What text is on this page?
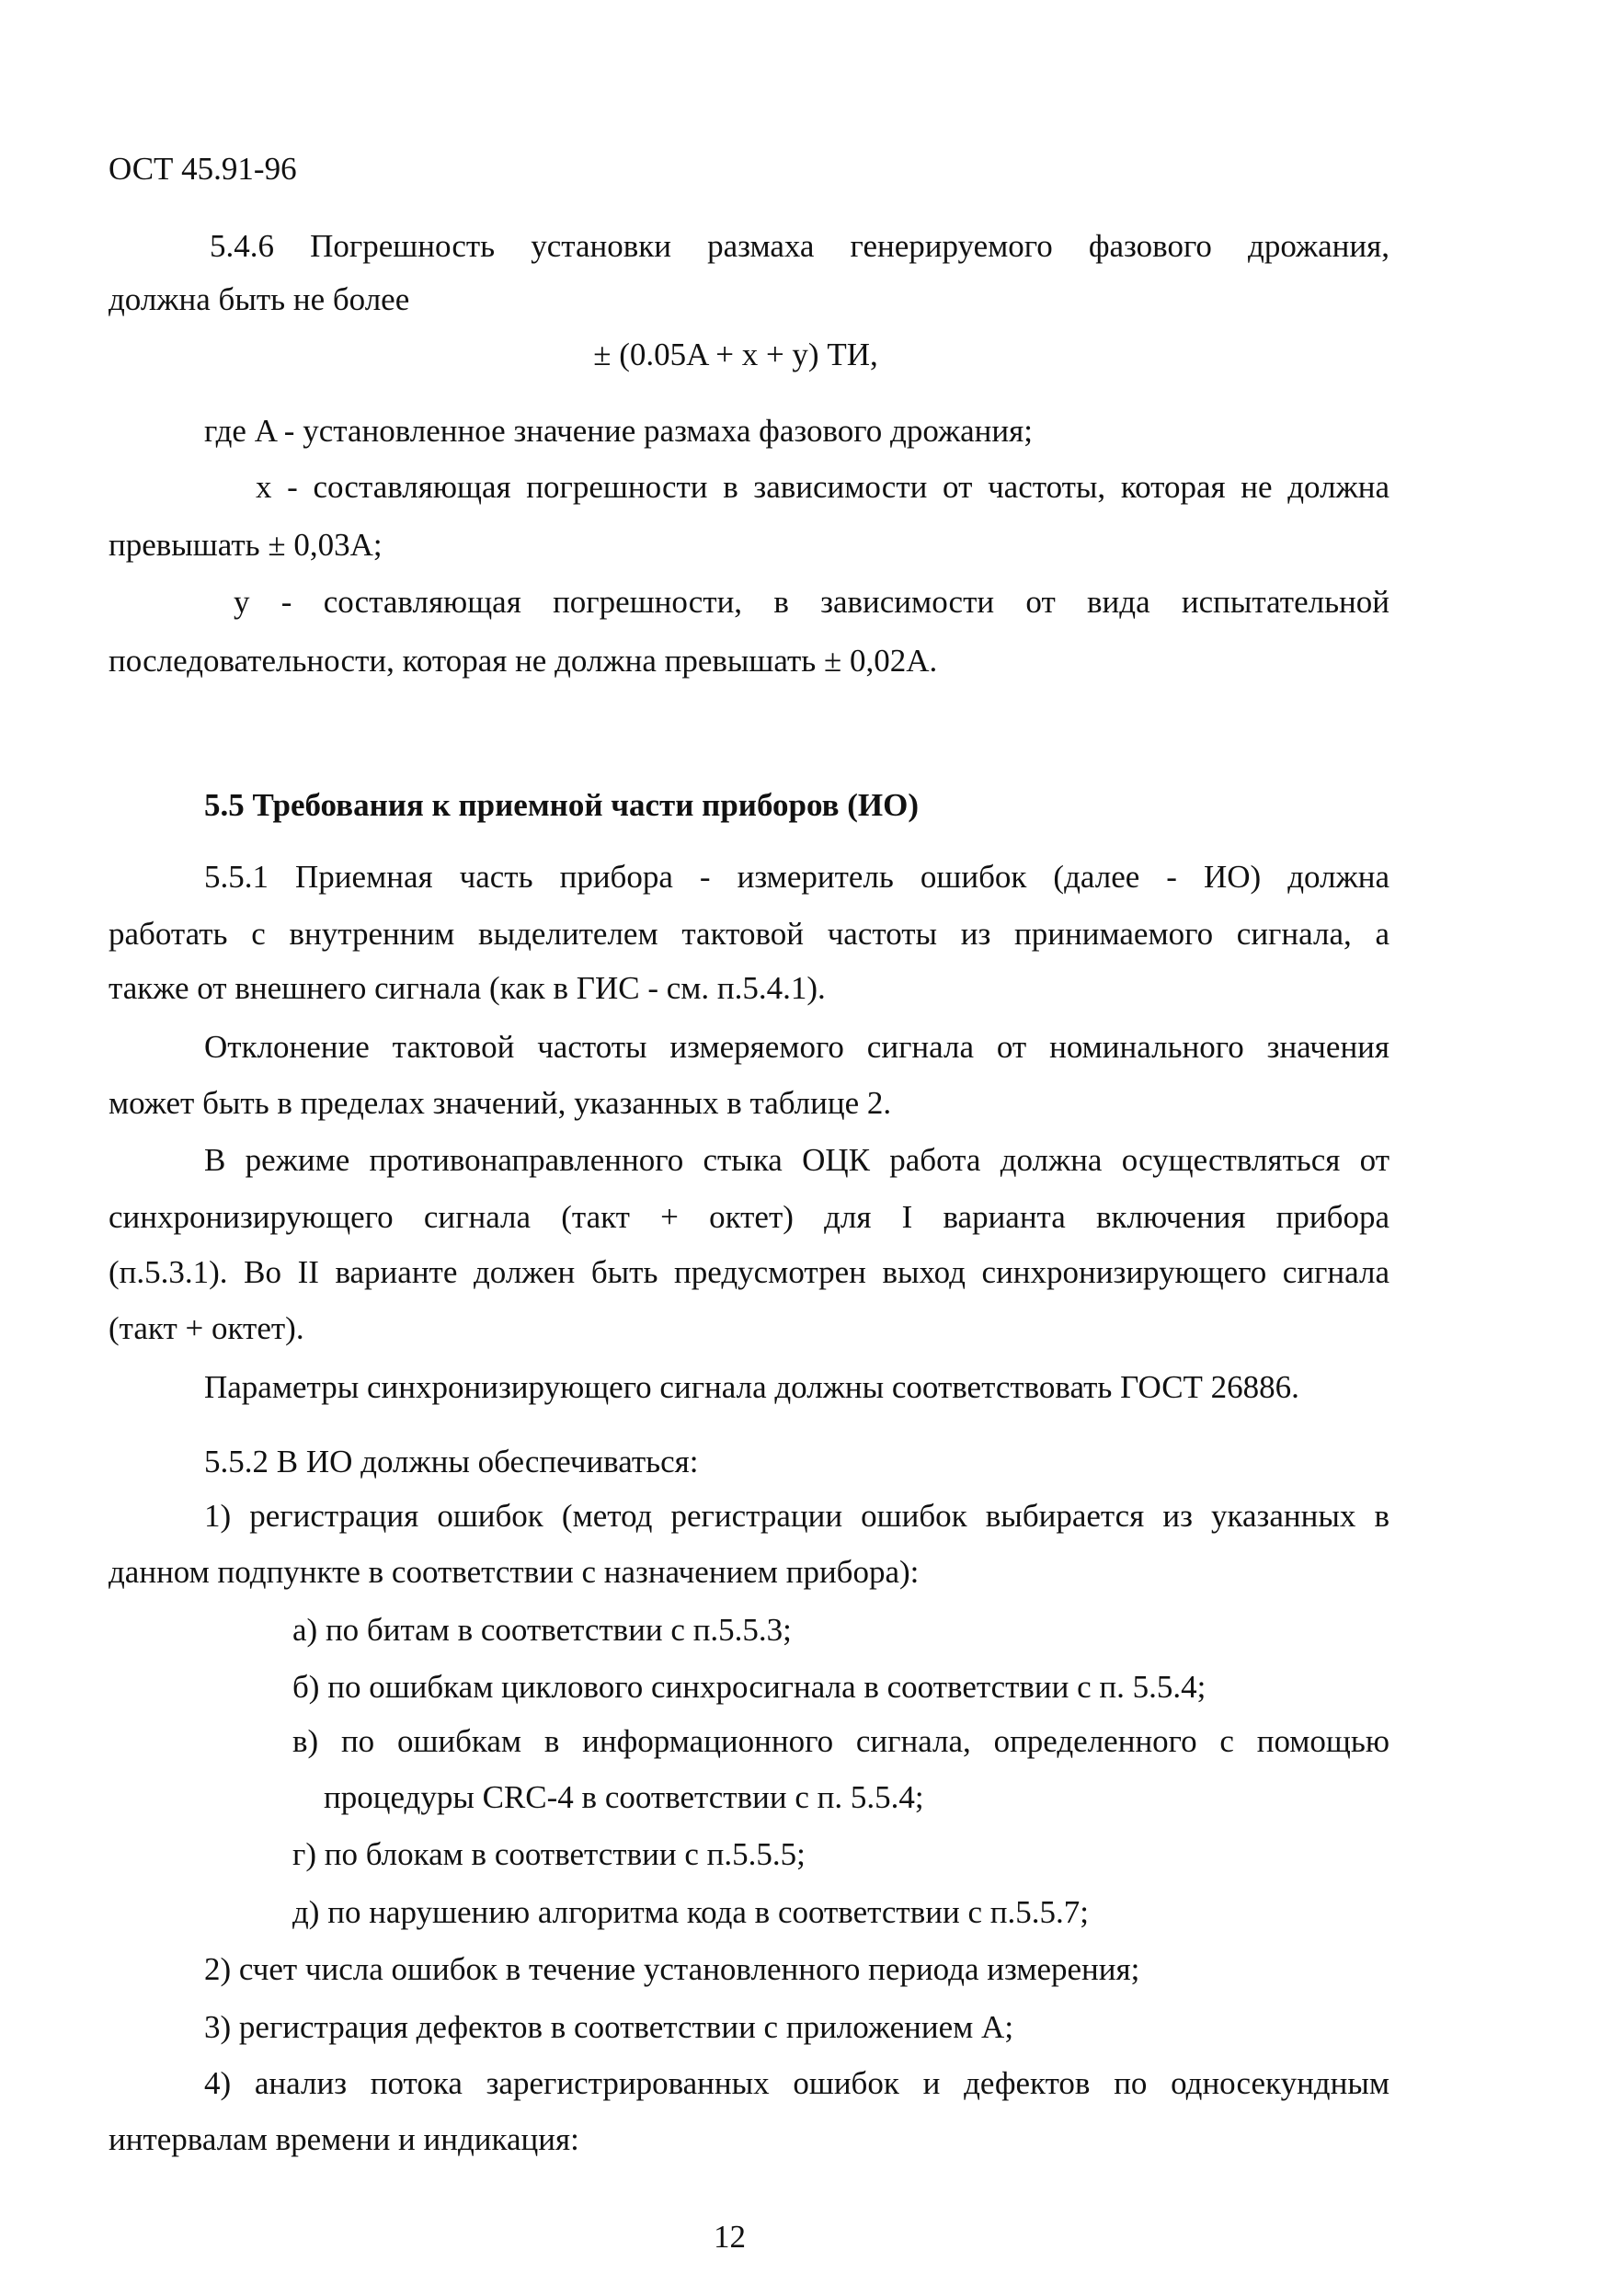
ОСТ 45.91-96
5.4.6 Погрешность установки размаха генерируемого фазового дрожания,
должна быть не более
± (0.05A + x + y) ТИ,
где A - установленное значение размаха фазового дрожания;
x - составляющая погрешности в зависимости от частоты, которая не должна
превышать ± 0,03A;
y - составляющая погрешности, в зависимости от вида испытательной
последовательности, которая не должна превышать ± 0,02A.
5.5 Требования к приемной части приборов (ИО)
5.5.1 Приемная часть прибора - измеритель ошибок (далее - ИО) должна
работать с внутренним выделителем тактовой частоты из принимаемого сигнала, а
также от внешнего сигнала (как в ГИС - см. п.5.4.1).
Отклонение тактовой частоты измеряемого сигнала от номинального значения
может быть в пределах значений, указанных в таблице 2.
В режиме противонаправленного стыка ОЦК работа должна осуществляться от
синхронизирующего сигнала (такт + октет) для I варианта включения прибора
(п.5.3.1). Во II варианте должен быть предусмотрен выход синхронизирующего сигнала
(такт + октет).
Параметры синхронизирующего сигнала должны соответствовать ГОСТ 26886.
5.5.2 В ИО должны обеспечиваться:
1) регистрация ошибок (метод регистрации ошибок выбирается из указанных в
данном подпункте в соответствии с назначением прибора):
а) по битам в соответствии с п.5.5.3;
б) по ошибкам циклового синхросигнала в соответствии с п. 5.5.4;
в) по ошибкам в информационного сигнала, определенного с помощью
процедуры CRC-4 в соответствии с п. 5.5.4;
г) по блокам в соответствии с п.5.5.5;
д) по нарушению алгоритма кода в соответствии с п.5.5.7;
2) счет числа ошибок в течение установленного периода измерения;
3) регистрация дефектов в соответствии с приложением А;
4) анализ потока зарегистрированных ошибок и дефектов по односекундным
интервалам времени и индикация:
12
